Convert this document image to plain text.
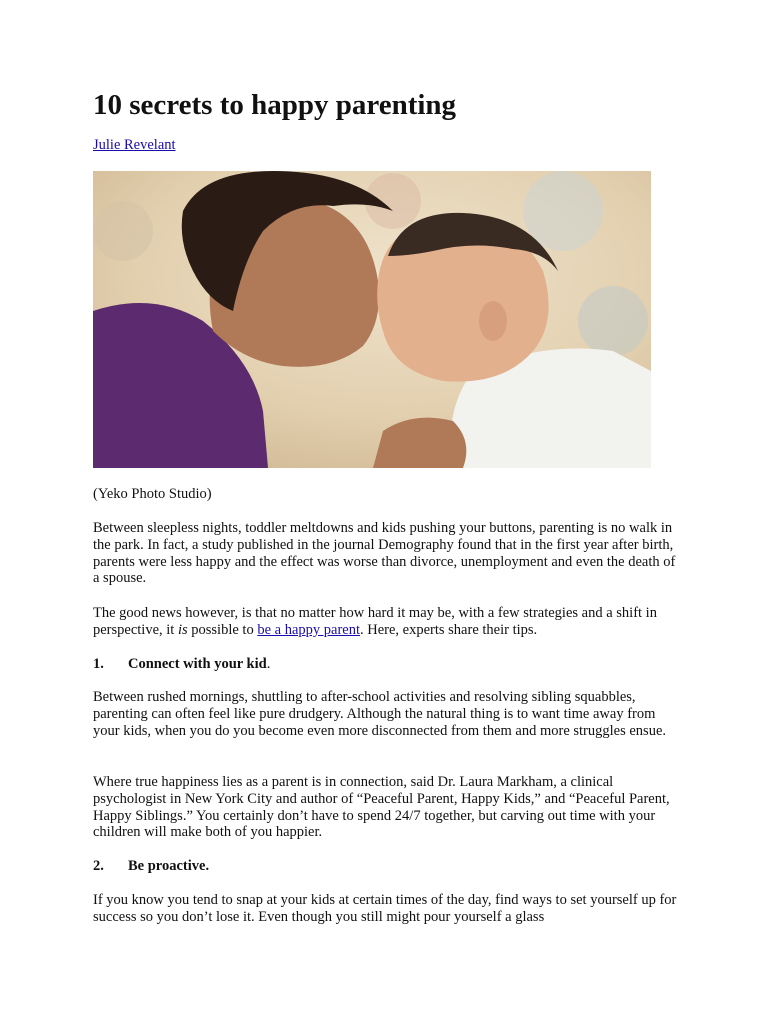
10 secrets to happy parenting
Julie Revelant

(Yeko Photo Studio)

Between sleepless nights, toddler meltdowns and kids pushing your buttons, parenting is no walk in the park. In fact, a study published in the journal Demography found that in the first year after birth, parents were less happy and the effect was worse than divorce, unemployment and even the death of a spouse.

The good news however, is that no matter how hard it may be, with a few strategies and a shift in perspective, it is possible to be a happy parent. Here, experts share their tips.

1.	Connect with your kid.

Between rushed mornings, shuttling to after-school activities and resolving sibling squabbles, parenting can often feel like pure drudgery. Although the natural thing is to want time away from your kids, when you do you become even more disconnected from them and more struggles ensue.

Where true happiness lies as a parent is in connection, said Dr. Laura Markham, a clinical psychologist in New York City and author of “Peaceful Parent, Happy Kids,” and “Peaceful Parent, Happy Siblings.” You certainly don’t have to spend 24/7 together, but carving out time with your children will make both of you happier.

2.	Be proactive.

If you know you tend to snap at your kids at certain times of the day, find ways to set yourself up for success so you don’t lose it. Even though you still might pour yourself a glass
